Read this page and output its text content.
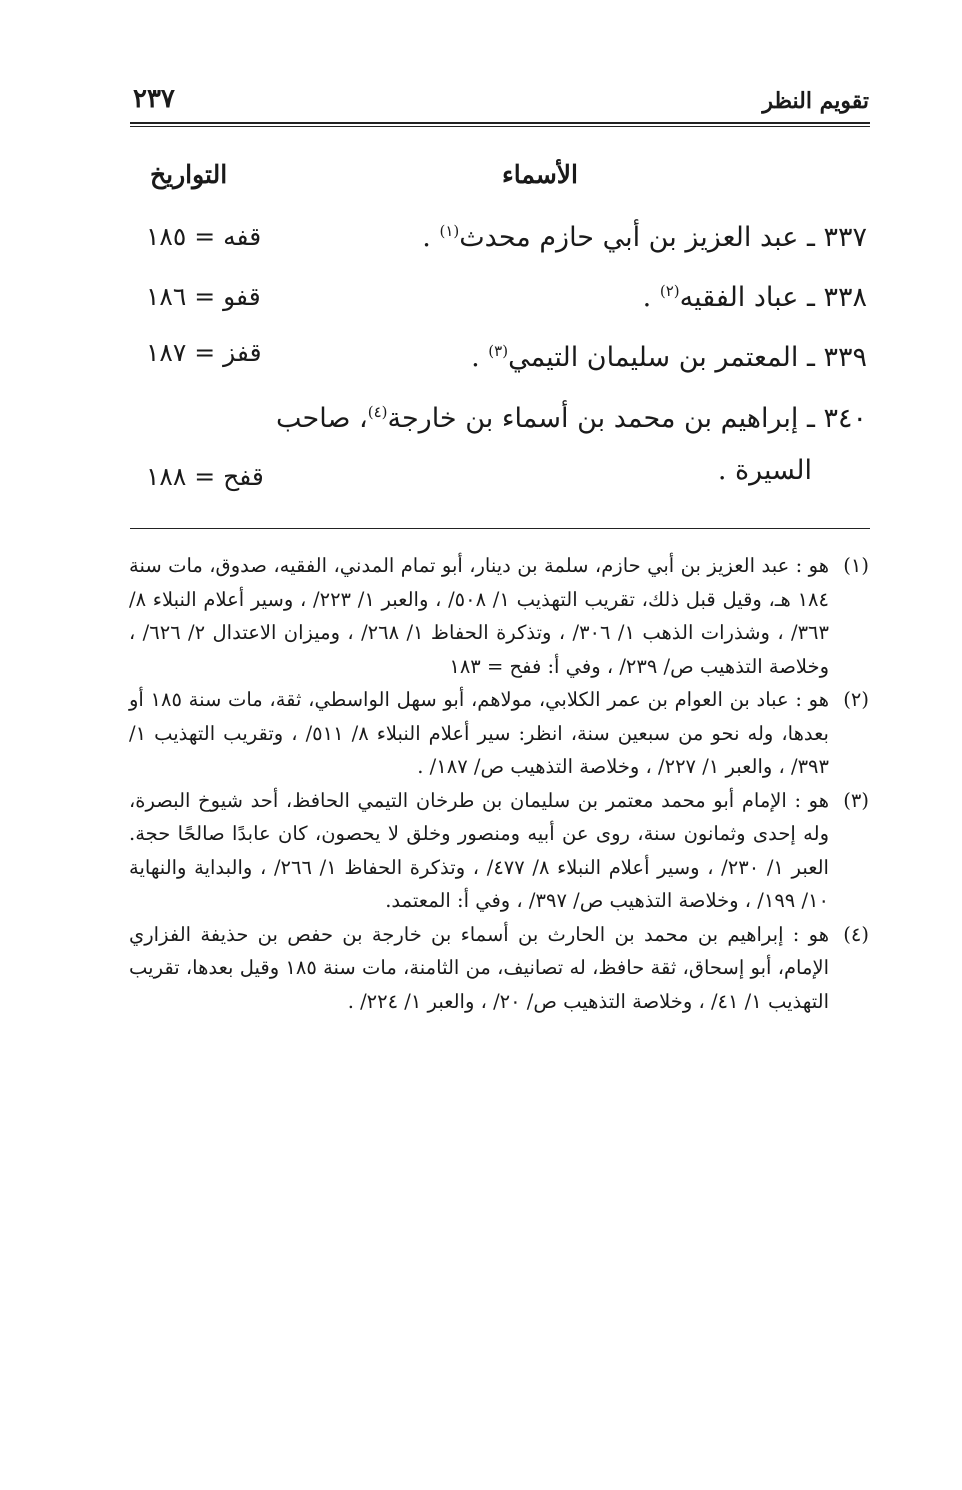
تقويم النظر
٢٣٧
الأسماء
التواريخ
٣٣٧ ـ عبد العزيز بن أبي حازم محدث$^{(١)}$ .
قفه = ١٨٥
٣٣٨ ـ عباد الفقيه$^{(٢)}$ .
قفو = ١٨٦
٣٣٩ ـ المعتمر بن سليمان التيمي$^{(٣)}$ .
قفز = ١٨٧
٣٤٠ ـ إبراهيم بن محمد بن أسماء بن خارجة$^{(٤)}$، صاحب
السيرة .
قفح = ١٨٨
(١)
هو : عبد العزيز بن أبي حازم، سلمة بن دينار، أبو تمام المدني، الفقيه، صدوق، مات سنة ١٨٤ هـ، وقيل قبل ذلك، تقريب التهذيب ١/ ٥٠٨/ ، والعبر ١/ ٢٢٣/ ، وسير أعلام النبلاء ٨/ ٣٦٣/ ، وشذرات الذهب ١/ ٣٠٦/ ، وتذكرة الحفاظ ١/ ٢٦٨/ ، وميزان الاعتدال ٢/ ٦٢٦/ ، وخلاصة التذهيب ص/ ٢٣٩/ ، وفي أ: ففح = ١٨٣
(٢)
هو : عباد بن العوام بن عمر الكلابي، مولاهم، أبو سهل الواسطي، ثقة، مات سنة ١٨٥ أو بعدها، وله نحو من سبعين سنة، انظر: سير أعلام النبلاء ٨/ ٥١١/ ، وتقريب التهذيب ١/ ٣٩٣/ ، والعبر ١/ ٢٢٧/ ، وخلاصة التذهيب ص/ ١٨٧/ .
(٣)
هو : الإمام أبو محمد معتمر بن سليمان بن طرخان التيمي الحافظ، أحد شيوخ البصرة، وله إحدى وثمانون سنة، روى عن أبيه ومنصور وخلق لا يحصون، كان عابدًا صالحًا حجة. العبر ١/ ٢٣٠/ ، وسير أعلام النبلاء ٨/ ٤٧٧/ ، وتذكرة الحفاظ ١/ ٢٦٦/ ، والبداية والنهاية ١٠/ ١٩٩/ ، وخلاصة التذهيب ص/ ٣٩٧/ ، وفي أ: المعتمد.
(٤)
هو : إبراهيم بن محمد بن الحارث بن أسماء بن خارجة بن حفص بن حذيفة الفزاري الإمام، أبو إسحاق، ثقة حافظ، له تصانيف، من الثامنة، مات سنة ١٨٥ وقيل بعدها، تقريب التهذيب ١/ ٤١/ ، وخلاصة التذهيب ص/ ٢٠/ ، والعبر ١/ ٢٢٤/ .
